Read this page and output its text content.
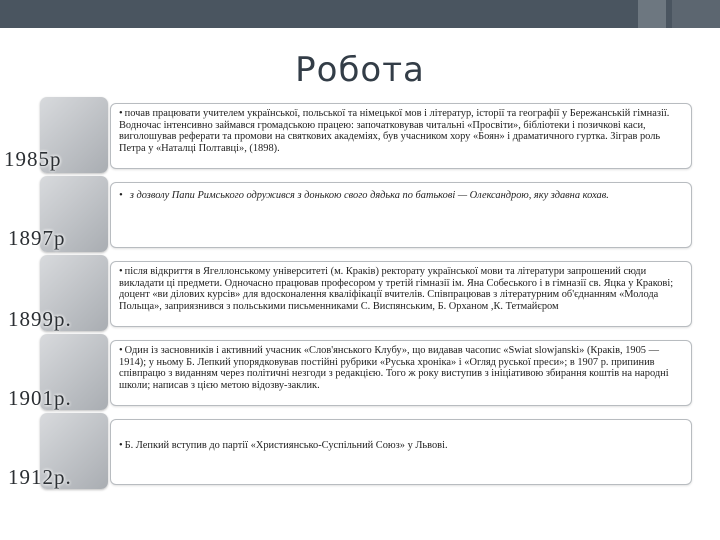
Робота
1985р
• почав працювати учителем української, польської та німецької мов і літератур, історії та географії у Бережанській гімназії. Водночас інтенсивно займався громадською працею: започатковував читальні «Просвіти», бібліотеки і позичкові каси, виголошував реферати та промови на святкових академіях, був учасником хору «Боян» і драматичного гуртка. Зіграв роль Петра у «Наталці Полтавці», (1898).
1897р
•  з дозволу Папи Римського одружився з донькою свого дядька по батькові — Олександрою, яку здавна кохав.
1899р.
• після відкриття в Ягеллонському університеті (м. Краків) ректорату української мови та літератури запрошений сюди викладати ці предмети. Одночасно працював професором у третій гімназії ім. Яна Собеського і в гімназії св. Яцка у Кракові; доцент «ви ділових курсів» для вдосконалення кваліфікації вчителів. Співпрацював з літературним об'єднанням «Молода Польща», заприязнився з польськими письменниками С. Виспянським, Б. Орханом ,К. Тетмайєром
1901р.
• Один із засновників і активний учасник «Слов'янського Клубу», що видавав часопис «Swiat slowjanski» (Краків, 1905 — 1914); у ньому Б. Лепкий упорядковував постійні рубрики «Руська хроніка» і «Огляд руської преси»; в 1907 р. припинив співпрацю з виданням через політичні незгоди з редакцією. Того ж року виступив з ініціативою збирання коштів на народні школи; написав з цією метою відозву-заклик.
1912р.
• Б. Лепкий вступив до партії «Християнсько-Суспільний Союз» у Львові.
